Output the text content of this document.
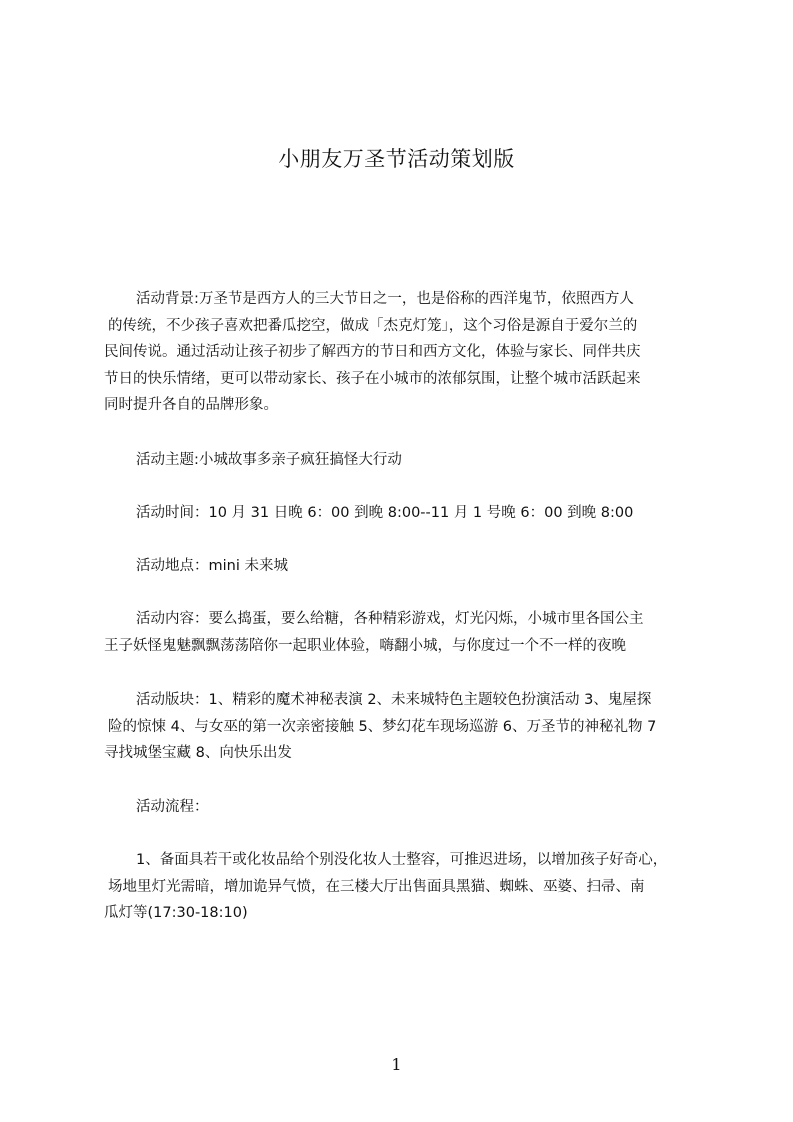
小朋友万圣节活动策划版
活动背景:万圣节是西方人的三大节日之一，也是俗称的西洋鬼节，依照西方人
的传统，不少孩子喜欢把番瓜挖空，做成「杰克灯笼」，这个习俗是源自于爱尔兰的
民间传说。通过活动让孩子初步了解西方的节日和西方文化，体验与家长、同伴共庆
节日的快乐情绪，更可以带动家长、孩子在小城市的浓郁氛围，让整个城市活跃起来
同时提升各自的品牌形象。
活动主题:小城故事多亲子疯狂搞怪大行动
活动时间：10 月 31 日晚 6：00 到晚 8:00--11 月 1 号晚 6：00 到晚 8:00
活动地点：mini 未来城
活动内容：要么捣蛋，要么给糖，各种精彩游戏，灯光闪烁，小城市里各国公主
王子妖怪鬼魅飘飘荡荡陪你一起职业体验，嗨翻小城，与你度过一个不一样的夜晚
活动版块：1、精彩的魔术神秘表演 2、未来城特色主题较色扮演活动 3、鬼屋探
险的惊悚 4、与女巫的第一次亲密接触 5、梦幻花车现场巡游 6、万圣节的神秘礼物 7
寻找城堡宝藏 8、向快乐出发
活动流程：
1、备面具若干或化妆品给个别没化妆人士整容，可推迟进场，以增加孩子好奇心，
场地里灯光需暗，增加诡异气愤，在三楼大厅出售面具黑猫、蜘蛛、巫婆、扫帚、南
瓜灯等(17:30-18:10)
1
